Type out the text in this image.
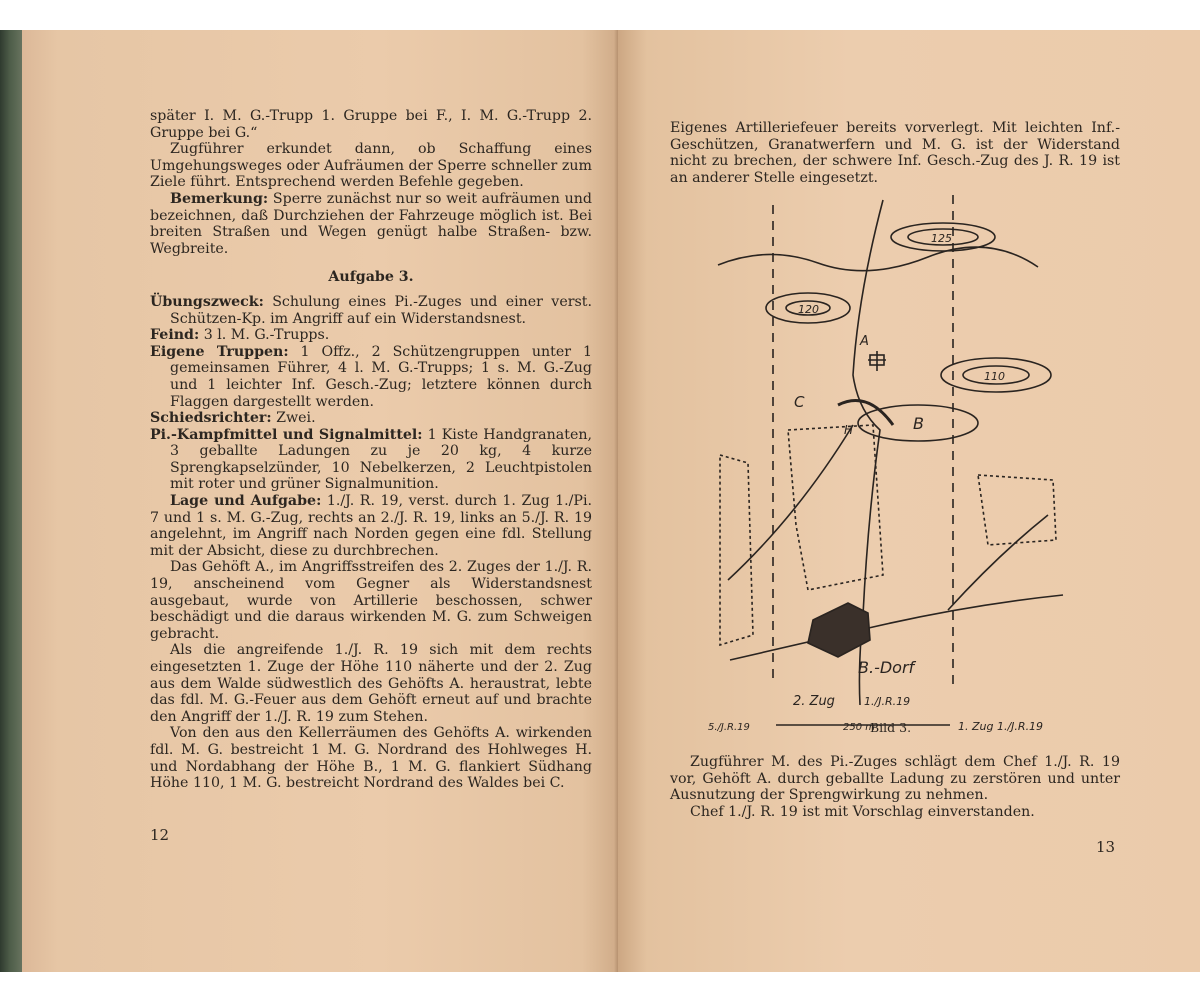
später I. M. G.-Trupp 1. Gruppe bei F., I. M. G.-Trupp 2. Gruppe bei G.“

Zugführer erkundet dann, ob Schaffung eines Umgehungsweges oder Aufräumen der Sperre schneller zum Ziele führt. Entsprechend werden Befehle gegeben.

Bemerkung: Sperre zunächst nur so weit aufräumen und bezeichnen, daß Durchziehen der Fahrzeuge möglich ist. Bei breiten Straßen und Wegen genügt halbe Straßen- bzw. Wegbreite.

Aufgabe 3.

Übungszweck: Schulung eines Pi.-Zuges und einer verst. Schützen-Kp. im Angriff auf ein Widerstandsnest.

Feind: 3 l. M. G.-Trupps.

Eigene Truppen: 1 Offz., 2 Schützengruppen unter 1 gemeinsamen Führer, 4 l. M. G.-Trupps; 1 s. M. G.-Zug und 1 leichter Inf. Gesch.-Zug; letztere können durch Flaggen dargestellt werden.

Schiedsrichter: Zwei.

Pi.-Kampfmittel und Signalmittel: 1 Kiste Handgranaten, 3 geballte Ladungen zu je 20 kg, 4 kurze Sprengkapselzünder, 10 Nebelkerzen, 2 Leuchtpistolen mit roter und grüner Signalmunition.

Lage und Aufgabe: 1./J. R. 19, verst. durch 1. Zug 1./Pi. 7 und 1 s. M. G.-Zug, rechts an 2./J. R. 19, links an 5./J. R. 19 angelehnt, im Angriff nach Norden gegen eine fdl. Stellung mit der Absicht, diese zu durchbrechen.

Das Gehöft A., im Angriffsstreifen des 2. Zuges der 1./J. R. 19, anscheinend vom Gegner als Widerstandsnest ausgebaut, wurde von Artillerie beschossen, schwer beschädigt und die daraus wirkenden M. G. zum Schweigen gebracht.

Als die angreifende 1./J. R. 19 sich mit dem rechts eingesetzten 1. Zuge der Höhe 110 näherte und der 2. Zug aus dem Walde südwestlich des Gehöfts A. heraustrat, lebte das fdl. M. G.-Feuer aus dem Gehöft erneut auf und brachte den Angriff der 1./J. R. 19 zum Stehen.

Von den aus den Kellerräumen des Gehöfts A. wirkenden fdl. M. G. bestreicht 1 M. G. Nordrand des Hohlweges H. und Nordabhang der Höhe B., 1 M. G. flankiert Südhang Höhe 110, 1 M. G. bestreicht Nordrand des Waldes bei C.

12
Eigenes Artilleriefeuer bereits vorverlegt. Mit leichten Inf.-Geschützen, Granatwerfern und M. G. ist der Widerstand nicht zu brechen, der schwere Inf. Gesch.-Zug des J. R. 19 ist an anderer Stelle eingesetzt.
125
120
110
A
B
C
H
B.-Dorf
2. Zug	1./J.R.19
5./J.R.19	250 m	1. Zug 1./J.R.19
Bild 3.

Zugführer M. des Pi.-Zuges schlägt dem Chef 1./J. R. 19 vor, Gehöft A. durch geballte Ladung zu zerstören und unter Ausnutzung der Sprengwirkung zu nehmen.

Chef 1./J. R. 19 ist mit Vorschlag einverstanden.

13
